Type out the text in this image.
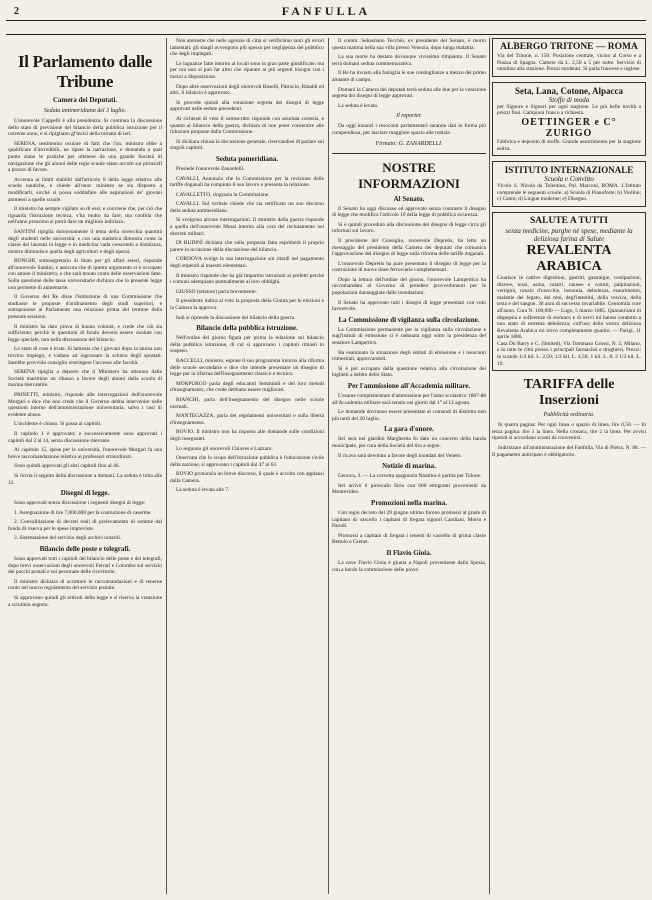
2	FANFULLA
Il Parlamento dalle Tribune
Camera dei Deputati.
Seduta antimeridiana del 3 luglio.

L'onorevole Cappelli è alla presidenza. Si continua la discussione dello stato di previsione del bilancio della pubblica istruzione per il corrente anno, e si ripigliano gl'incisi della tornata di ieri.

SERENA, testimonio oculare di fatti che l'on. ministro ebbe a qualificare d'incredibili, ne ripete la narrazione, e domanda a qual punto siano le pratiche per ottenere da una grande Società di navigazione che gli alunni delle regie scuole siano accolti sui piroscafi a prezzo di favore.

Accenna ai limiti stabiliti dall'articolo 8 della legge relativa alle scuole nautiche, e chiede all'onor. ministro se sia disposto a modificarli, sicché si possa soddisfare alle aspirazioni de' giovani ammessi a quelle scuole.

Il ministro ha sempre vigilato su di essi; e conviene che, per ciò che riguarda l'istruzione tecnica, v'ha molto da fare; ma confida che nell'anno prossimo si potrà dare un migliore indirizzo.

SANTINI ripiglia dolorosamente il tema della soverchia quantità degli studenti nelle università; e con una statistica dimostra come la classe dei laureati in legge e in medicina vada crescendo a dismisura, mentre diminuisce quella degli agricoltori e degli operai.

BONGHI, sottosegretario di Stato per gli affari esteri, risponde all'onorevole Santini, e assicura che di questo argomento si è occupato con amore il ministero, e che sarà tenuto conto delle osservazioni fatte. Sulla questione delle tasse universitarie dichiara che la presente legge non permette di aumentarle.

Il Governo del Re disse l'istituzione di una Commissione che studiasse le proposte d'ordinamento degli studi superiori, e sottoponesse al Parlamento una relazione prima del termine della presente sessione.

Il ministro ha dato prova di buona volontà, e crede che ciò sia sufficiente; perchè le questioni di fondo devono essere risolute con legge speciale, non nella discussione del bilancio.

Lo stato di cose è triste. Si lamenta che i giovani dopo la laurea non trovino impiego, e vadano ad ingrossare la schiera degli spostati. Sarebbe provvido consiglio restringere l'accesso alle facoltà.

SERENA ripiglia a deporre che il Ministero ha ottenuto dalle Società marittime un ribasso a favore degli alunni della scuola di marina mercantile.

PRINETTI, ministro, risponde alle interrogazioni dell'onorevole Morgari e dice che non crede che il Governo debba intervenire nelle questioni interne dell'amministrazione universitaria, salvo i casi di evidente abuso.

L'incidente è chiuso. Si passa ai capitoli.

Il capitolo 1 è approvato; e successivamente sono approvati i capitoli dal 2 al 14, senza discussione rilevante.

Al capitolo 15, spese per le università, l'onorevole Morgari fa una breve raccomandazione relativa ai professori straordinari.

Sono quindi approvati gli altri capitoli fino al 46.

Si rinvia il seguito della discussione a domani. La seduta è tolta alle 12.

Disegni di legge.

Sono approvati senza discussione i seguenti disegni di legge:

1. Assegnazione di lire 7,000,000 per la costruzione di caserme.

2. Convalidazione di decreti reali di prelevamento di somme dal fondo di riserva per le spese impreviste.

3. Sistemazione del servizio degli archivi notarili.

Bilancio delle poste e telegrafi.

Sono approvati tutti i capitoli del bilancio delle poste e dei telegrafi, dopo brevi osservazioni degli onorevoli Ferrari e Colombo sul servizio dei pacchi postali e sul personale delle ricevitorie.

Il ministro dichiara di accettare le raccomandazioni e di tenerne conto nel nuovo regolamento del servizio postale.

Si approvano quindi gli articoli della legge e si riserva la votazione a scrutinio segreto.

Non ammette che nelle agenzie di città si verifichino tanti gli errori lamentati; gli sbagli avvengono più spesso per negligenza del pubblico che degli impiegati.

Le lagnanze fatte intorno ai locali sono in gran parte giustificate; ma per ora non si può far altro che riparare ai più urgenti bisogni con i mezzi a disposizione.

Dopo altre osservazioni degli onorevoli Boselli, Pàtrocio, Rinaldi ed altri, il bilancio è approvato.

Si procede quindi alla votazione segreta dei disegni di legge approvati nelle sedute precedenti.

Ai richiesti di voto il sottoscritto risponde con assoluta cortesia, e quanto al bilancio della guerra, dichiara di non poter consentire alle riduzioni proposte dalla Commissione.

Si dichiara chiusa la discussione generale, riservandosi di parlare sui singoli capitoli.

Seduta pomeridiana.

Presiede l'onorevole Zanardelli.

CAVALLI, Annunzia che la Commissione per la revisione delle tariffe doganali ha compiuto il suo lavoro e presenta la relazione.

CAVALLETTO, ringrazia la Commissione.

CAVALLI. Sul verbale chiede che sia rettificato un suo discorso della seduta antimeridiana.

Si svolgono alcune interrogazioni. Il ministro della guerra risponde a quella dell'onorevole Mussi intorno alla cura del reclutamento nei distretti militari.

DI RUDINÌ dichiara che sulla proposta fatta esprimerà il proprio parere in occasione della discussione del bilancio.

CORDOVA svolge la sua interrogazione sui ritardi nel pagamento degli stipendi ai maestri elementari.

Il ministro risponde che ha già impartito istruzioni ai prefetti perché i comuni adempiano puntualmente ai loro obblighi.

GIUSSO (relatore) parla brevemente.

Il presidente indica al voto la proposta della Giunta per le elezioni e la Camera la approva.

Indi si riprende la discussione del bilancio della guerra.

Bilancio della pubblica istruzione.

Nell'ordine del giorno figura per prima la relazione sul bilancio della pubblica istruzione, di cui si approvano i capitoli rimasti in sospeso.

BACCELLI, ministro, espone il suo programma intorno alla riforma delle scuole secondarie e dice che intende presentare un disegno di legge per la riforma dell'insegnamento classico e tecnico.

MORPURGO parla degli educatori femminili e dei loro metodi d'insegnamento, che crede debbano essere migliorati.

BIANCHI, parla dell'insegnamento del disegno nelle scuole normali.

MANTEGAZZA, parla dei regolamenti universitari e sulla libertà d'insegnamento.

BOVIO. Il ministro non ha risposto alle domande sulle condizioni degli insegnanti.

Lo seguono gli onorevoli Chiaves e Lazzaro.

Osservata che lo scopo dell'istruzione pubblica è l'educazione civile della nazione, si approvano i capitoli dal 47 al 63.

BOVIO pronunzia un breve discorso, il quale è accolto con applausi dalla Camera.

La seduta è levata alle 7.

Il comm. Sebastiano Tecchio, ex presidente del Senato, è morto questa mattina nella sua villa presso Venezia, dopo lunga malattia.

La sua morte ha destato dovunque vivissimo rimpianto. Il Senato terrà domani seduta commemorativa.

Il Re ha inviato alla famiglia le sue condoglianze a mezzo del primo aiutante di campo.

Domani la Camera dei deputati terrà seduta alle due per la votazione segreta dei disegni di legge approvati.

La seduta è levata.

Il reporter.

Da oggi innanzi i resoconti parlamentari saranno dati in forma più compendiosa, per lasciare maggiore spazio alle notizie.

Firmato: G. ZANARDELLI.
NOSTRE INFORMAZIONI
Al Senato.

Il Senato ha oggi discusso ed approvato senza contrasto il disegno di legge che modifica l'articolo 10 della legge di pubblica sicurezza.

Si è quindi proceduto alla discussione del disegno di legge circa gli infortuni sul lavoro.

Il presidente del Consiglio, onorevole Depretis, ha letto un messaggio del presidente della Camera dei deputati che comunica l'approvazione del disegno di legge sulla riforma delle tariffe doganali.

L'onorevole Depretis ha pure presentato il disegno di legge per la costruzione di nuove linee ferroviarie complementari.

Dopo la lettura dell'ordine del giorno, l'onorevole Lampertico ha raccomandato al Governo di prendere provvedimenti per le popolazioni danneggiate dalle inondazioni.

Il Senato ha approvato tutti i disegni di legge presentati con voto favorevole.

La Commissione di vigilanza sulla circolazione.

La Commissione permanente per la vigilanza sulla circolazione e sugl'istituti di emissione si è radunata oggi sotto la presidenza del senatore Lampertico.

Ha esaminato la situazione degli istituti di emissione e i resoconti trimestrali, approvandoli.

Si è poi occupata della questione relativa alla circolazione dei biglietti a debito dello Stato.

Per l'ammissione all'Accademia militare.

L'esame complementare d'ammissione per l'anno scolastico 1887-88 all'Accademia militare sarà tenuto nei giorni dal 1° al 12 agosto.

Le domande dovranno essere presentate ai comandi di distretto non più tardi del 20 luglio.

La gara d'onore.

Ieri sera nei giardini Margherita fu dato un concerto della banda municipale, per cura della Società del tiro a segno.

Il ricavo sarà devoluto a favore degli inondati del Veneto.

Notizie di marina.

Genova, 3. — La corvetta spagnuola Nautilus è partita per Tolone.

Ieri arrivò il piroscafo Sirio con 600 emigranti provenienti da Montevideo.

Promozioni nella marina.

Con regio decreto del 29 giugno ultimo furono promossi al grado di capitano di vascello i capitani di fregata signori Candiani, Morin e Parodi.

Promossi a capitani di fregata i tenenti di vascello di prima classe Bettolo e Grenet.

Il Flavio Gioia.

La nave Flavio Gioia è giunta a Napoli proveniente dalla Spezia, con a bordo la commissione delle prove.

ALBERGO TRITONE — ROMA
Via del Tritone, n. 150. Posizione centrale, vicino al Corso e a Piazza di Spagna. Camere da L. 2,50 a 5 per notte. Servizio di omnibus alla stazione. Prezzi moderati. Si parla francese e inglese.
Seta, Lana, Cotone, Alpacca
Stoffe di moda
per Signore e Signori per ogni stagione. Le più belle novità a prezzi fissi. Campioni franco a richiesta.
OETTINGER e C° ZURIGO
Fabbrica e deposito di stoffe. Grande assortimento per la stagione estiva.
ISTITUTO INTERNAZIONALE
Scuola e Convitto
Vicolo S. Nicola da Tolentino, Pal. Marconi, ROMA. L'Istituto comprende le seguenti scuole: a) Scuola di Pianoforte; b) Violino; c) Canto; d) Lingue moderne; e) Disegno.
SALUTE A TUTTI
senza medicine, purghe nè spese, mediante la deliziosa farina di Salute
REVALENTA ARABICA
Guarisce le cattive digestioni, gastriti, gastralgie, costipazioni, diarree, tossi, asma, catarri, nausee e vomiti, palpitazioni, vertigini, ronzio d'orecchie, insonnia, debolezza, esaurimento, malattie del fegato, dei reni, degl'intestini, della vescica, della testa e del sangue. 38 anni di successo invariabile. Centomila cure all'anno. Cura N. 100,000 — Lugo, 5 marzo 1885. Quarant'anni di dispepsia e sofferenze di stomaco e di nervi mi hanno condotto a uno stato di estrema debolezza; coll'uso della vostra deliziosa Revalenta Arabica mi trovo completamente guarito. — Parigi, 11 aprile 1886.
Casa Du Barry e C. (limited), Via Tommaso Grossi, N. 2, Milano, e in tutte le città presso i principali farmacisti e droghieri. Prezzi: in scatole 1/4 kil. L. 2,50; 1/2 kil. L. 4,50; 1 kil. L. 8; 2 1/2 kil. L. 19.
TARIFFA delle Inserzioni
Pubblicità ordinaria.

In quarta pagina: Per ogni linea o spazio di linea, lire 0,50. — In terza pagina: lire 1 la linea. Nella cronaca, lire 2 la linea. Per avvisi ripetuti si accordano sconti da convenirsi.

Indirizzare all'amministrazione del Fanfulla, Via di Pietra, N. 88. — Il pagamento anticipato è obbligatorio.
